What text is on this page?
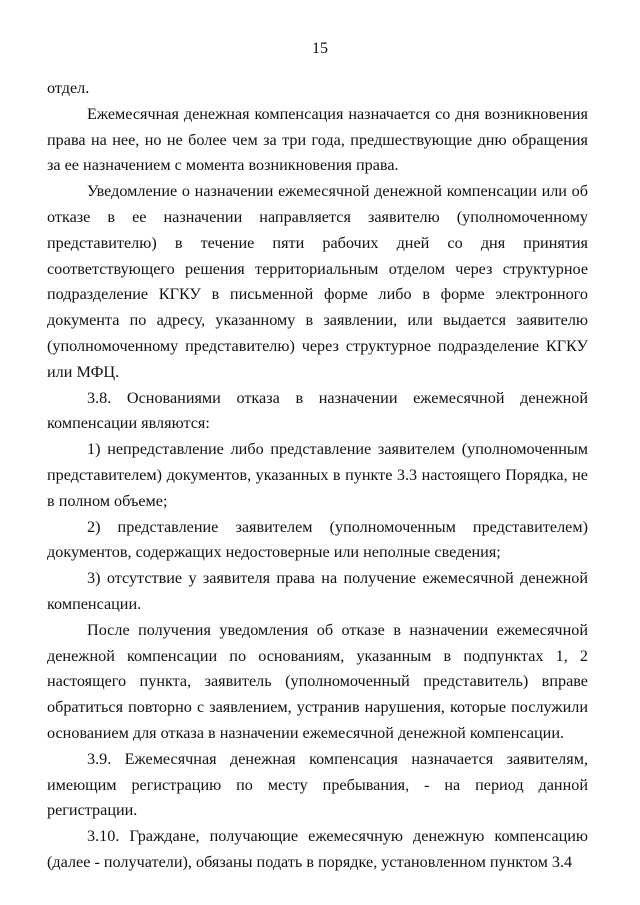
15

отдел.

Ежемесячная денежная компенсация назначается со дня возникновения права на нее, но не более чем за три года, предшествующие дню обращения за ее назначением с момента возникновения права.

Уведомление о назначении ежемесячной денежной компенсации или об отказе в ее назначении направляется заявителю (уполномоченному представителю) в течение пяти рабочих дней со дня принятия соответствующего решения территориальным отделом через структурное подразделение КГКУ в письменной форме либо в форме электронного документа по адресу, указанному в заявлении, или выдается заявителю (уполномоченному представителю) через структурное подразделение КГКУ или МФЦ.

3.8. Основаниями отказа в назначении ежемесячной денежной компенсации являются:

1) непредставление либо представление заявителем (уполномоченным представителем) документов, указанных в пункте 3.3 настоящего Порядка, не в полном объеме;

2) представление заявителем (уполномоченным представителем) документов, содержащих недостоверные или неполные сведения;

3) отсутствие у заявителя права на получение ежемесячной денежной компенсации.

После получения уведомления об отказе в назначении ежемесячной денежной компенсации по основаниям, указанным в подпунктах 1, 2 настоящего пункта, заявитель (уполномоченный представитель) вправе обратиться повторно с заявлением, устранив нарушения, которые послужили основанием для отказа в назначении ежемесячной денежной компенсации.

3.9. Ежемесячная денежная компенсация назначается заявителям, имеющим регистрацию по месту пребывания, - на период данной регистрации.

3.10. Граждане, получающие ежемесячную денежную компенсацию (далее - получатели), обязаны подать в порядке, установленном пунктом 3.4
